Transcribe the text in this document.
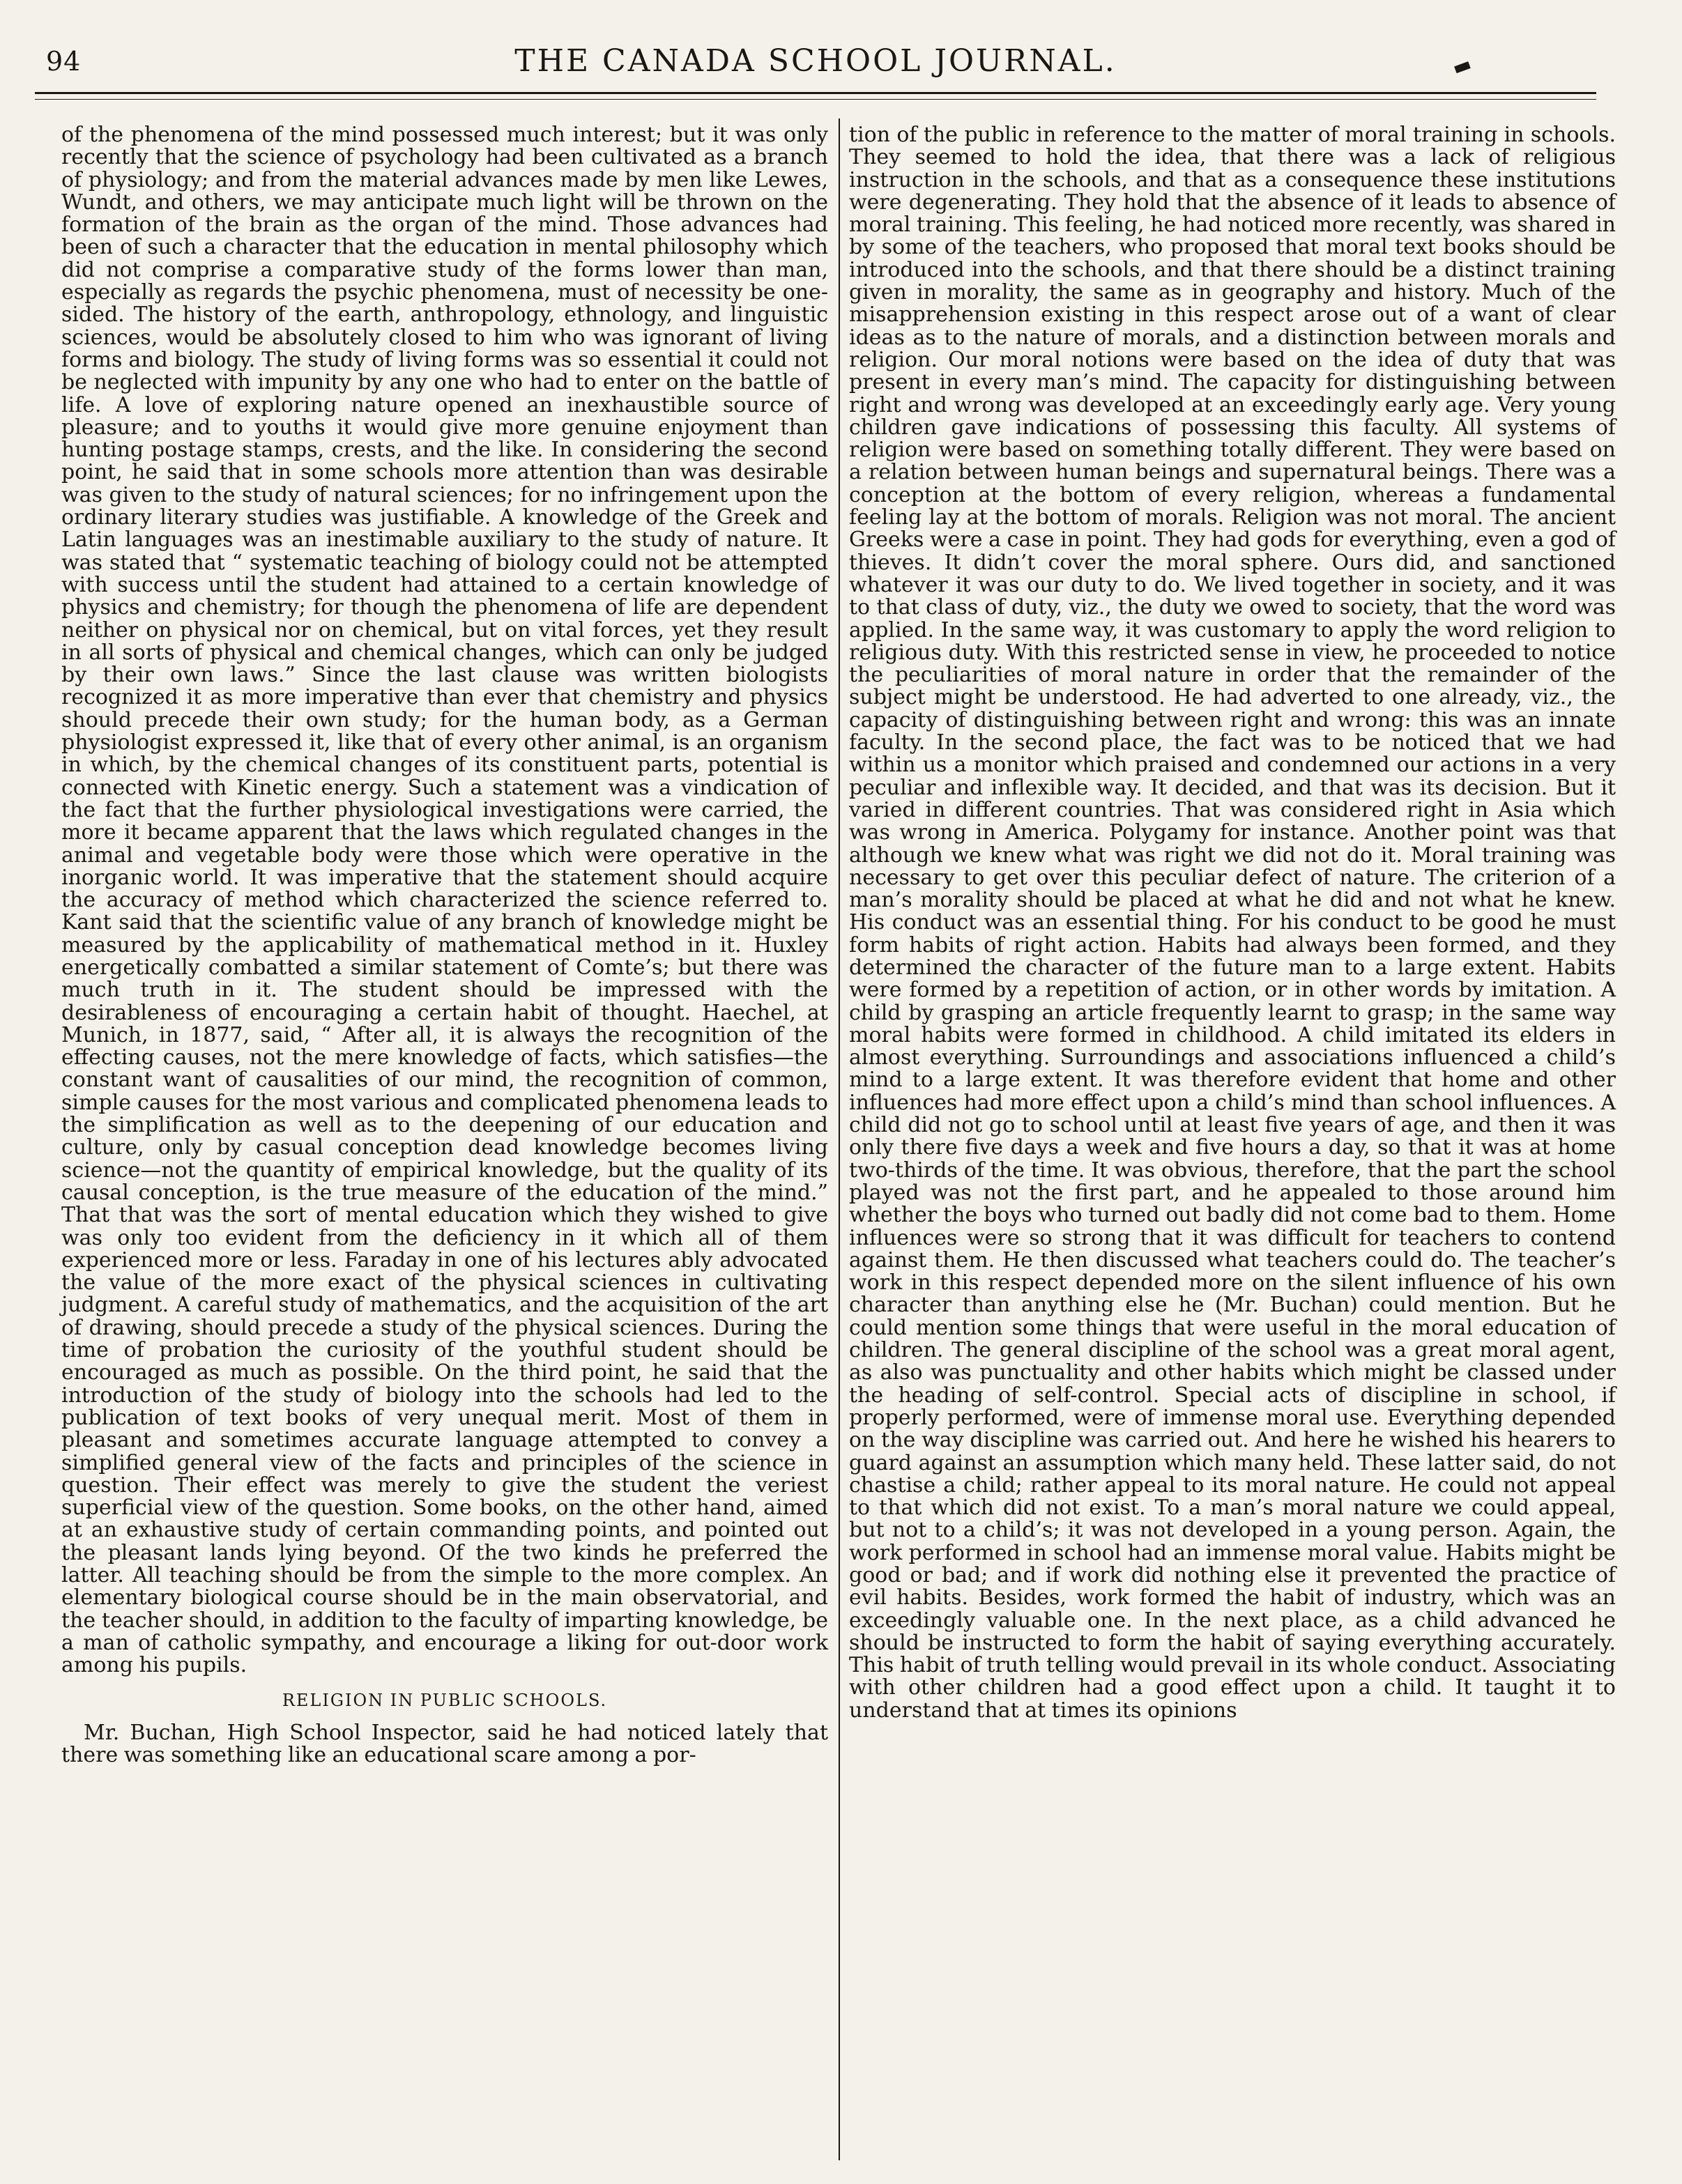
94	THE CANADA SCHOOL JOURNAL.	▬

of the phenomena of the mind possessed much interest; but it was only recently that the science of psychology had been cultivated as a branch of physiology; and from the material advances made by men like Lewes, Wundt, and others, we may anticipate much light will be thrown on the formation of the brain as the organ of the mind. Those advances had been of such a character that the education in mental philosophy which did not comprise a comparative study of the forms lower than man, especially as regards the psychic phenomena, must of necessity be one-sided. The history of the earth, anthropology, ethnology, and linguistic sciences, would be absolutely closed to him who was ignorant of living forms and biology. The study of living forms was so essential it could not be neglected with impunity by any one who had to enter on the battle of life. A love of exploring nature opened an inexhaustible source of pleasure; and to youths it would give more genuine enjoyment than hunting postage stamps, crests, and the like. In considering the second point, he said that in some schools more attention than was desirable was given to the study of natural sciences; for no infringement upon the ordinary literary studies was justifiable. A knowledge of the Greek and Latin languages was an inestimable auxiliary to the study of nature. It was stated that “ systematic teaching of biology could not be attempted with success until the student had attained to a certain knowledge of physics and chemistry; for though the phenomena of life are dependent neither on physical nor on chemical, but on vital forces, yet they result in all sorts of physical and chemical changes, which can only be judged by their own laws.” Since the last clause was written biologists recognized it as more imperative than ever that chemistry and physics should precede their own study; for the human body, as a German physiologist expressed it, like that of every other animal, is an organism in which, by the chemical changes of its constituent parts, potential is connected with Kinetic energy. Such a statement was a vindication of the fact that the further physiological investigations were carried, the more it became apparent that the laws which regulated changes in the animal and vegetable body were those which were operative in the inorganic world. It was imperative that the statement should acquire the accuracy of method which characterized the science referred to. Kant said that the scientific value of any branch of knowledge might be measured by the applicability of mathematical method in it. Huxley energetically combatted a similar statement of Comte’s; but there was much truth in it. The student should be impressed with the desirableness of encouraging a certain habit of thought. Haechel, at Munich, in 1877, said, “ After all, it is always the recognition of the effecting causes, not the mere knowledge of facts, which satisfies—the constant want of causalities of our mind, the recognition of common, simple causes for the most various and complicated phenomena leads to the simplification as well as to the deepening of our education and culture, only by casual conception dead knowledge becomes living science—not the quantity of empirical knowledge, but the quality of its causal conception, is the true measure of the education of the mind.” That that was the sort of mental education which they wished to give was only too evident from the deficiency in it which all of them experienced more or less. Faraday in one of his lectures ably advocated the value of the more exact of the physical sciences in cultivating judgment. A careful study of mathematics, and the acquisition of the art of drawing, should precede a study of the physical sciences. During the time of probation the curiosity of the youthful student should be encouraged as much as possible. On the third point, he said that the introduction of the study of biology into the schools had led to the publication of text books of very unequal merit. Most of them in pleasant and sometimes accurate language attempted to convey a simplified general view of the facts and principles of the science in question. Their effect was merely to give the student the veriest superficial view of the question. Some books, on the other hand, aimed at an exhaustive study of certain commanding points, and pointed out the pleasant lands lying beyond. Of the two kinds he preferred the latter. All teaching should be from the simple to the more complex. An elementary biological course should be in the main observatorial, and the teacher should, in addition to the faculty of imparting knowledge, be a man of catholic sympathy, and encourage a liking for out-door work among his pupils.

RELIGION IN PUBLIC SCHOOLS.

Mr. Buchan, High School Inspector, said he had noticed lately that there was something like an educational scare among a por-

tion of the public in reference to the matter of moral training in schools. They seemed to hold the idea, that there was a lack of religious instruction in the schools, and that as a consequence these institutions were degenerating. They hold that the absence of it leads to absence of moral training. This feeling, he had noticed more recently, was shared in by some of the teachers, who proposed that moral text books should be introduced into the schools, and that there should be a distinct training given in morality, the same as in geography and history. Much of the misapprehension existing in this respect arose out of a want of clear ideas as to the nature of morals, and a distinction between morals and religion. Our moral notions were based on the idea of duty that was present in every man’s mind. The capacity for distinguishing between right and wrong was developed at an exceedingly early age. Very young children gave indications of possessing this faculty. All systems of religion were based on something totally different. They were based on a relation between human beings and supernatural beings. There was a conception at the bottom of every religion, whereas a fundamental feeling lay at the bottom of morals. Religion was not moral. The ancient Greeks were a case in point. They had gods for everything, even a god of thieves. It didn’t cover the moral sphere. Ours did, and sanctioned whatever it was our duty to do. We lived together in society, and it was to that class of duty, viz., the duty we owed to society, that the word was applied. In the same way, it was customary to apply the word religion to religious duty. With this restricted sense in view, he proceeded to notice the peculiarities of moral nature in order that the remainder of the subject might be understood. He had adverted to one already, viz., the capacity of distinguishing between right and wrong: this was an innate faculty. In the second place, the fact was to be noticed that we had within us a monitor which praised and condemned our actions in a very peculiar and inflexible way. It decided, and that was its decision. But it varied in different countries. That was considered right in Asia which was wrong in America. Polygamy for instance. Another point was that although we knew what was right we did not do it. Moral training was necessary to get over this peculiar defect of nature. The criterion of a man’s morality should be placed at what he did and not what he knew. His conduct was an essential thing. For his conduct to be good he must form habits of right action. Habits had always been formed, and they determined the character of the future man to a large extent. Habits were formed by a repetition of action, or in other words by imitation. A child by grasping an article frequently learnt to grasp; in the same way moral habits were formed in childhood. A child imitated its elders in almost everything. Surroundings and associations influenced a child’s mind to a large extent. It was therefore evident that home and other influences had more effect upon a child’s mind than school influences. A child did not go to school until at least five years of age, and then it was only there five days a week and five hours a day, so that it was at home two-thirds of the time. It was obvious, therefore, that the part the school played was not the first part, and he appealed to those around him whether the boys who turned out badly did not come bad to them. Home influences were so strong that it was difficult for teachers to contend against them. He then discussed what teachers could do. The teacher’s work in this respect depended more on the silent influence of his own character than anything else he (Mr. Buchan) could mention. But he could mention some things that were useful in the moral education of children. The general discipline of the school was a great moral agent, as also was punctuality and other habits which might be classed under the heading of self-control. Special acts of discipline in school, if properly performed, were of immense moral use. Everything depended on the way discipline was carried out. And here he wished his hearers to guard against an assumption which many held. These latter said, do not chastise a child; rather appeal to its moral nature. He could not appeal to that which did not exist. To a man’s moral nature we could appeal, but not to a child’s; it was not developed in a young person. Again, the work performed in school had an immense moral value. Habits might be good or bad; and if work did nothing else it prevented the practice of evil habits. Besides, work formed the habit of industry, which was an exceedingly valuable one. In the next place, as a child advanced he should be instructed to form the habit of saying everything accurately. This habit of truth telling would prevail in its whole conduct. Associating with other children had a good effect upon a child. It taught it to understand that at times its opinions
